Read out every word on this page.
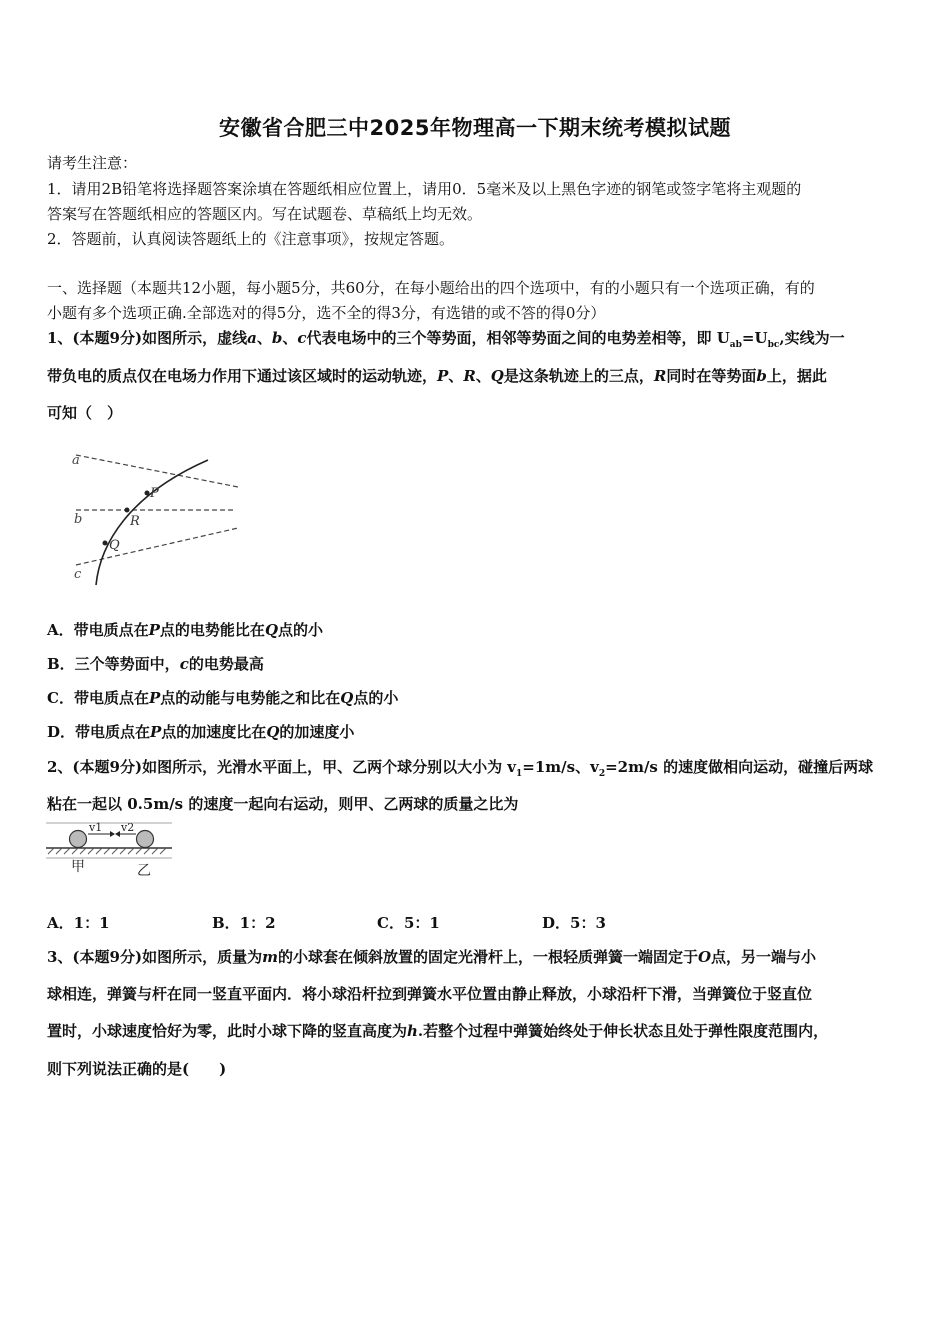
安徽省合肥三中2025年物理高一下期末统考模拟试题
请考生注意：
1．请用2B铅笔将选择题答案涂填在答题纸相应位置上，请用0．5毫米及以上黑色字迹的钢笔或签字笔将主观题的
答案写在答题纸相应的答题区内。写在试题卷、草稿纸上均无效。
2．答题前，认真阅读答题纸上的《注意事项》，按规定答题。
一、选择题（本题共12小题，每小题5分，共60分，在每小题给出的四个选项中，有的小题只有一个选项正确，有的
小题有多个选项正确.全部选对的得5分，选不全的得3分，有选错的或不答的得0分）
1、(本题9分)如图所示，虚线a、b、c代表电场中的三个等势面，相邻等势面之间的电势差相等，即 $U_{ab}=U_{bc}$,实线为一
带负电的质点仅在电场力作用下通过该区域时的运动轨迹，P、R、Q是这条轨迹上的三点，R同时在等势面b上，据此
可知（　）
a
b
c
P
R
Q
A．带电质点在P点的电势能比在Q点的小
B．三个等势面中，c的电势最高
C．带电质点在P点的动能与电势能之和比在Q点的小
D．带电质点在P点的加速度比在Q的加速度小
2、(本题9分)如图所示，光滑水平面上，甲、乙两个球分别以大小为 $v_1=1m/s$、$v_2=2m/s$ 的速度做相向运动，碰撞后两球
粘在一起以 0.5m/s 的速度一起向右运动，则甲、乙两球的质量之比为
v1 v2
甲	乙
A．1：1	B．1：2	C．5：1	D．5：3
3、(本题9分)如图所示，质量为m的小球套在倾斜放置的固定光滑杆上，一根轻质弹簧一端固定于O点，另一端与小
球相连，弹簧与杆在同一竖直平面内．将小球沿杆拉到弹簧水平位置由静止释放，小球沿杆下滑，当弹簧位于竖直位
置时，小球速度恰好为零，此时小球下降的竖直高度为h.若整个过程中弹簧始终处于伸长状态且处于弹性限度范围内，
则下列说法正确的是(　　)
